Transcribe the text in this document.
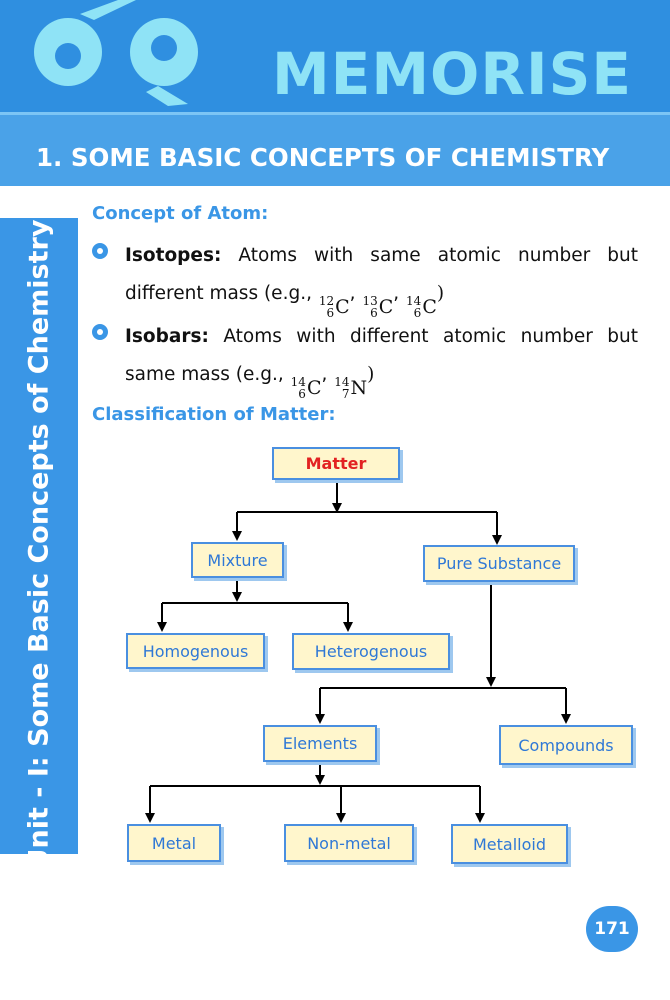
MEMORISE
1. SOME BASIC CONCEPTS OF CHEMISTRY
Unit - I: Some Basic Concepts of Chemistry
Concept of Atom:
Isotopes: Atoms with same atomic number but different mass (e.g., 12
6 C
, 13
6 C
, 14
6 C
)
Isobars: Atoms with different atomic number but same mass (e.g., 14
6 C
, 14
7 N
)
Classification of Matter:
Matter
Mixture	Pure Substance
Homogenous	Heterogenous
Elements	Compounds
Metal	Non-metal	Metalloid
171
